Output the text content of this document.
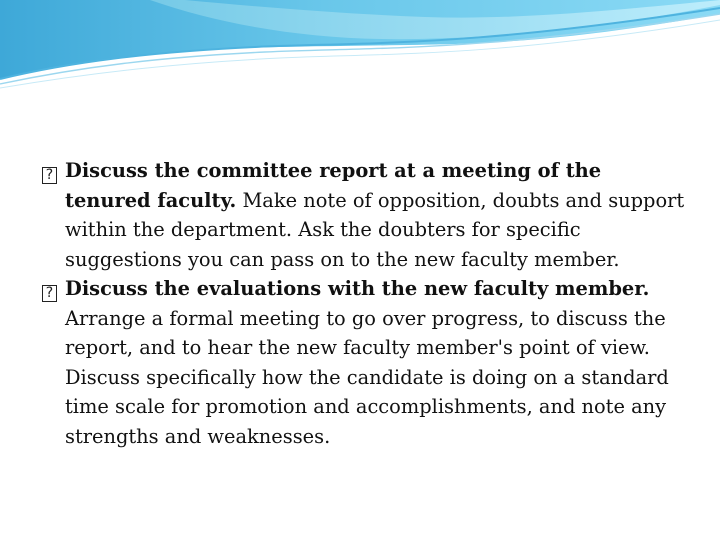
? Discuss the committee report at a meeting of the tenured faculty. Make note of opposition, doubts and support within the department. Ask the doubters for specific suggestions you can pass on to the new faculty member.

? Discuss the evaluations with the new faculty member. Arrange a formal meeting to go over progress, to discuss the report, and to hear the new faculty member's point of view. Discuss specifically how the candidate is doing on a standard time scale for promotion and accomplishments, and note any strengths and weaknesses.
